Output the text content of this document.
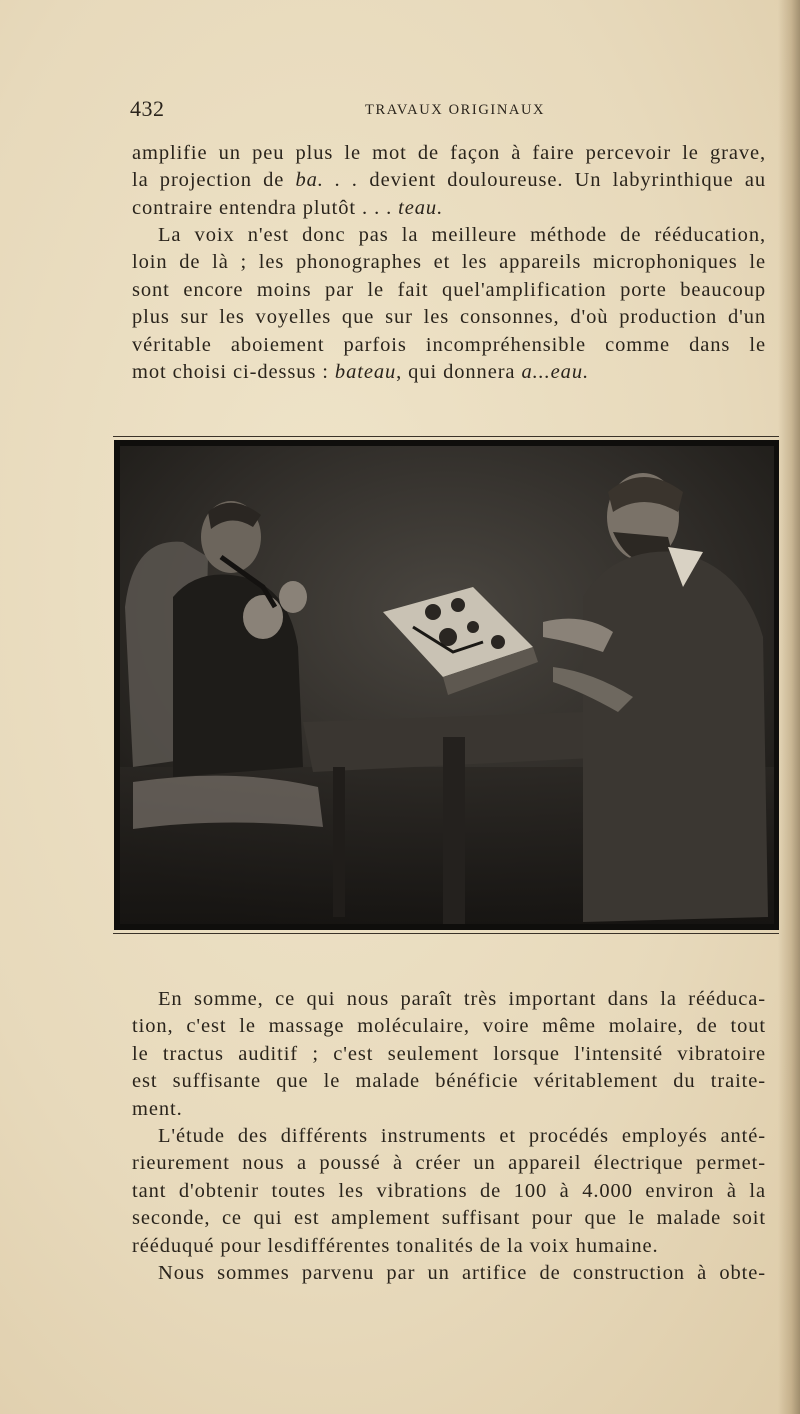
432	TRAVAUX ORIGINAUX
amplifie un peu plus le mot de façon à faire percevoir le grave,
la projection de ba. . . devient douloureuse. Un labyrinthique au
contraire entendra plutôt . . . teau.
La voix n'est donc pas la meilleure méthode de rééducation,
loin de là ; les phonographes et les appareils microphoniques le
sont encore moins par le fait quel'amplification porte beaucoup
plus sur les voyelles que sur les consonnes, d'où production d'un
véritable aboiement parfois incompréhensible comme dans le
mot choisi ci-dessus : bateau, qui donnera a...eau.
En somme, ce qui nous paraît très important dans la rééduca-
tion, c'est le massage moléculaire, voire même molaire, de tout
le tractus auditif ; c'est seulement lorsque l'intensité vibratoire
est suffisante que le malade bénéficie véritablement du traite-
ment.
L'étude des différents instruments et procédés employés anté-
rieurement nous a poussé à créer un appareil électrique permet-
tant d'obtenir toutes les vibrations de 100 à 4.000 environ à la
seconde, ce qui est amplement suffisant pour que le malade soit
rééduqué pour lesdifférentes tonalités de la voix humaine.
Nous sommes parvenu par un artifice de construction à obte-
